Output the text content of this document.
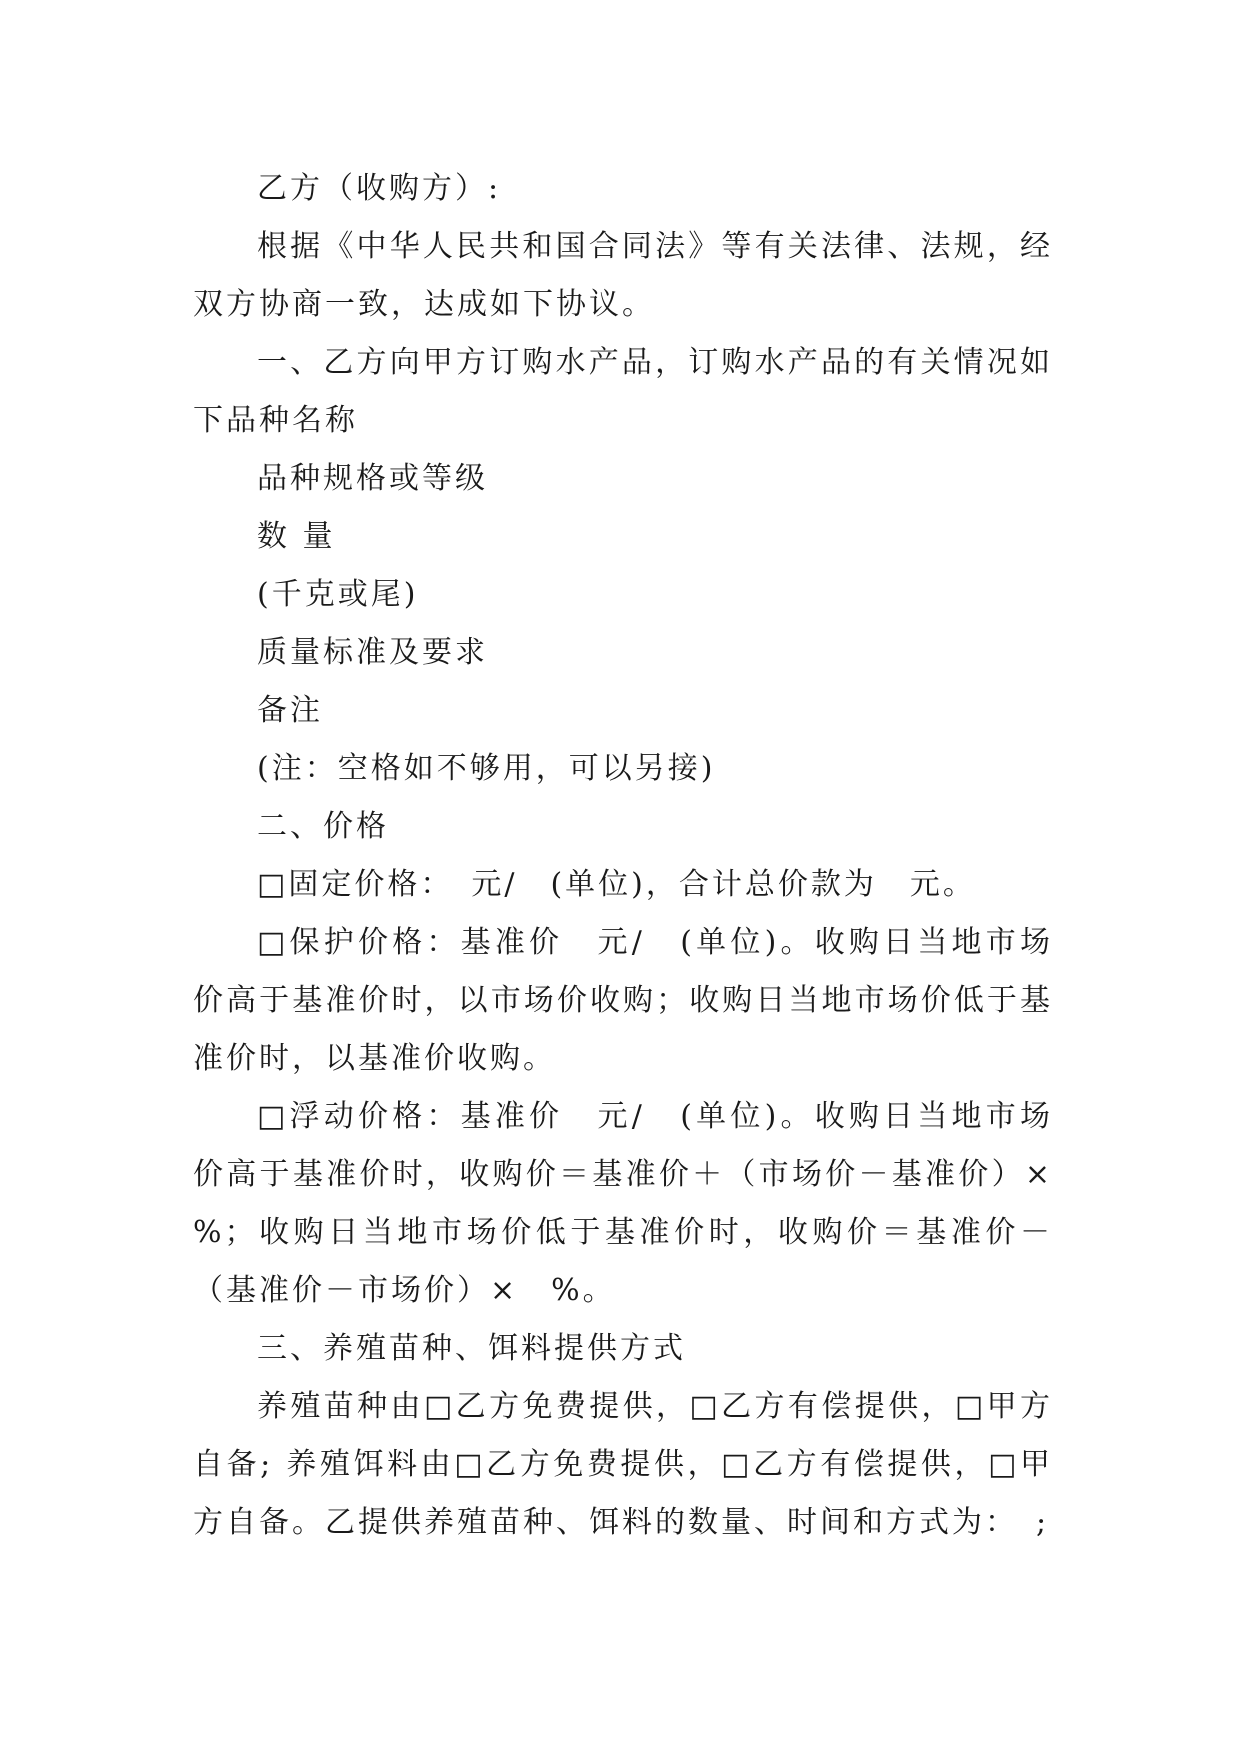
乙方（收购方）:

根据《中华人民共和国合同法》等有关法律、法规，经双方协商一致，达成如下协议。

一、乙方向甲方订购水产品，订购水产品的有关情况如下品种名称

品种规格或等级

数 量

(千克或尾)

质量标准及要求

备注

(注：空格如不够用，可以另接)

二、价格

□固定价格：　元/　(单位)，合计总价款为　元。

□保护价格：基准价　元/　(单位)。收购日当地市场价高于基准价时，以市场价收购；收购日当地市场价低于基准价时，以基准价收购。

□浮动价格：基准价　元/　(单位)。收购日当地市场价高于基准价时，收购价＝基准价＋（市场价－基准价）×　%；收购日当地市场价低于基准价时，收购价＝基准价－（基准价－市场价）×　%。

三、养殖苗种、饵料提供方式

养殖苗种由□乙方免费提供，□乙方有偿提供，□甲方自备; 养殖饵料由□乙方免费提供，□乙方有偿提供，□甲方自备。乙提供养殖苗种、饵料的数量、时间和方式为：　;
